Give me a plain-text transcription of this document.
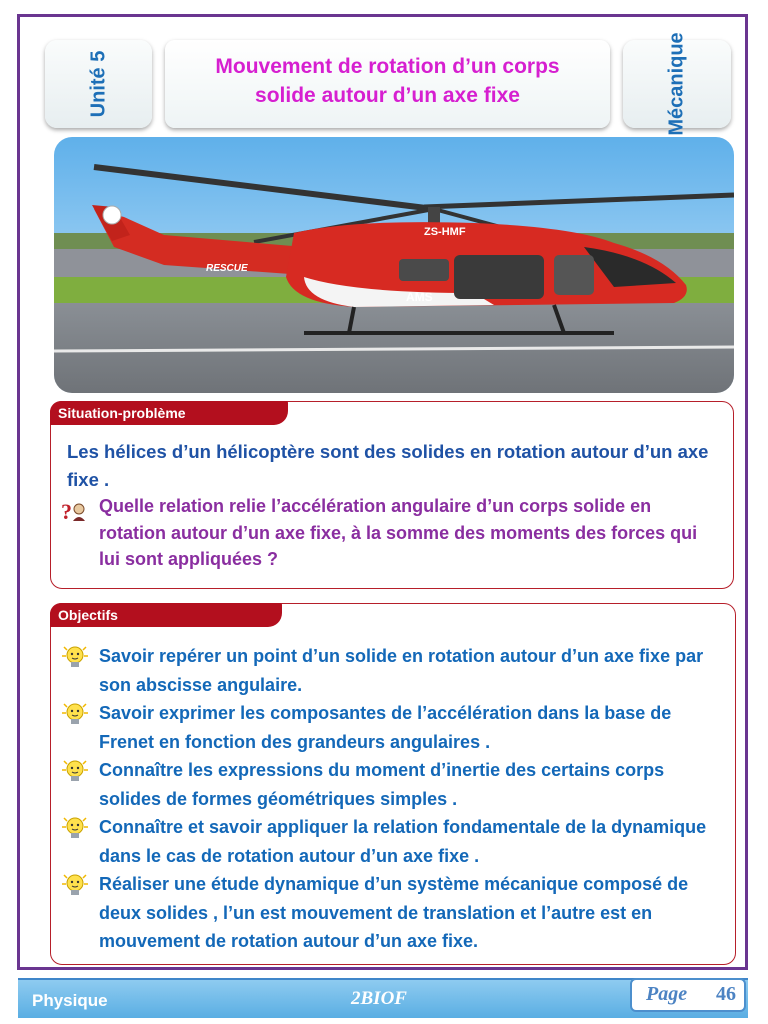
Unité 5	Mouvement de rotation d’un corps
solide autour d’un axe fixe	Mécanique
ZS-HMF
RESCUE
AMS
Situation-problème
Les hélices d’un hélicoptère sont des solides en rotation autour d’un axe fixe .
? Quelle relation relie l’accélération angulaire d’un corps solide en rotation autour d’un axe fixe, à la somme des moments des forces qui lui sont appliquées ?
Objectifs
Savoir repérer un point d’un solide en rotation autour d’un axe fixe par son abscisse angulaire.
Savoir exprimer les composantes de l’accélération dans la base de Frenet en fonction des grandeurs angulaires .
Connaître les expressions du moment d’inertie des certains corps solides de formes géométriques simples .
Connaître et savoir appliquer la relation fondamentale de la dynamique dans le cas de rotation autour d’un axe fixe .
Réaliser une étude dynamique d’un système mécanique composé de deux solides , l’un est mouvement de translation et l’autre est en mouvement de rotation autour d’un axe fixe.
Physique	2BIOF	Page 46
